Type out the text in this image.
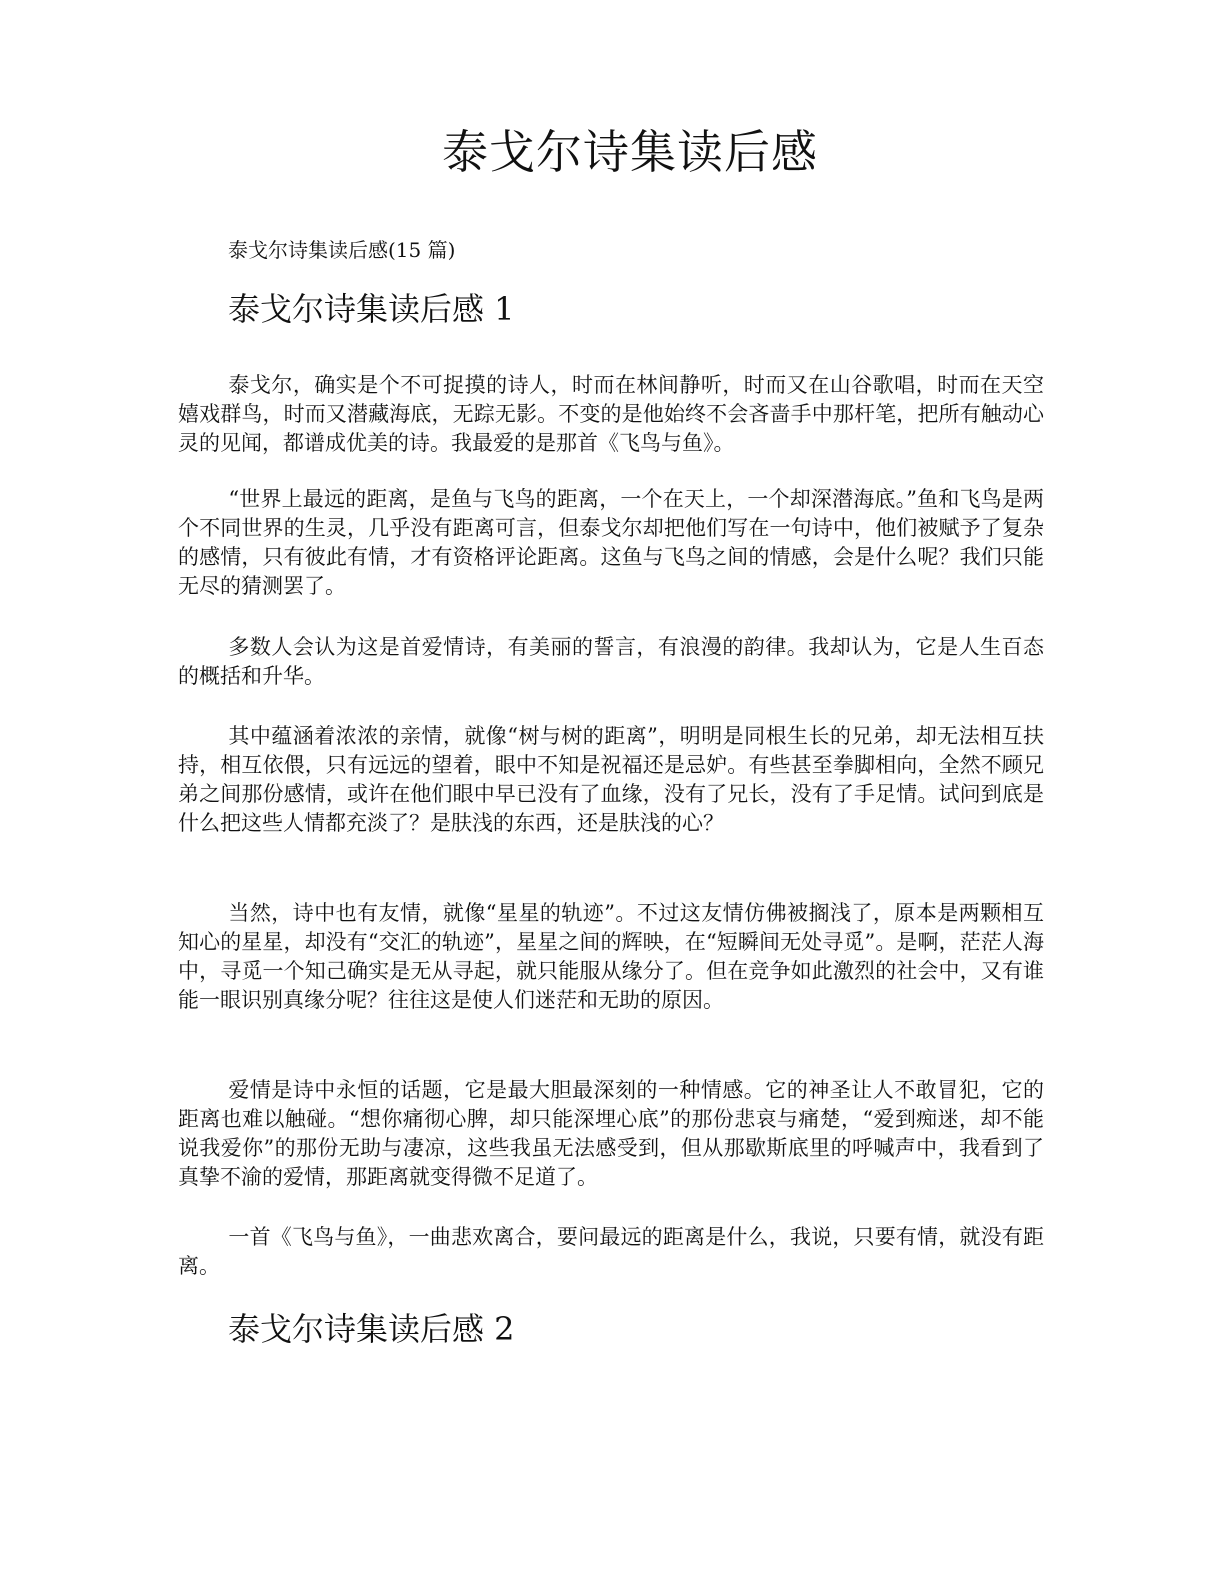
泰戈尔诗集读后感

泰戈尔诗集读后感(15 篇)

泰戈尔诗集读后感 1

泰戈尔，确实是个不可捉摸的诗人，时而在林间静听，时而又在山谷歌唱，时而在天空嬉戏群鸟，时而又潜藏海底，无踪无影。不变的是他始终不会吝啬手中那杆笔，把所有触动心灵的见闻，都谱成优美的诗。我最爱的是那首《飞鸟与鱼》。

“世界上最远的距离，是鱼与飞鸟的距离，一个在天上，一个却深潜海底。”鱼和飞鸟是两个不同世界的生灵，几乎没有距离可言，但泰戈尔却把他们写在一句诗中，他们被赋予了复杂的感情，只有彼此有情，才有资格评论距离。这鱼与飞鸟之间的情感，会是什么呢？我们只能无尽的猜测罢了。

多数人会认为这是首爱情诗，有美丽的誓言，有浪漫的韵律。我却认为，它是人生百态的概括和升华。

其中蕴涵着浓浓的亲情，就像“树与树的距离”，明明是同根生长的兄弟，却无法相互扶持，相互依偎，只有远远的望着，眼中不知是祝福还是忌妒。有些甚至拳脚相向，全然不顾兄弟之间那份感情，或许在他们眼中早已没有了血缘，没有了兄长，没有了手足情。试问到底是什么把这些人情都充淡了？是肤浅的东西，还是肤浅的心？

当然，诗中也有友情，就像“星星的轨迹”。不过这友情仿佛被搁浅了，原本是两颗相互知心的星星，却没有“交汇的轨迹”，星星之间的辉映，在“短瞬间无处寻觅”。是啊，茫茫人海中，寻觅一个知己确实是无从寻起，就只能服从缘分了。但在竞争如此激烈的社会中，又有谁能一眼识别真缘分呢？往往这是使人们迷茫和无助的原因。

爱情是诗中永恒的话题，它是最大胆最深刻的一种情感。它的神圣让人不敢冒犯，它的距离也难以触碰。“想你痛彻心脾，却只能深埋心底”的那份悲哀与痛楚，“爱到痴迷，却不能说我爱你”的那份无助与凄凉，这些我虽无法感受到，但从那歇斯底里的呼喊声中，我看到了真挚不渝的爱情，那距离就变得微不足道了。

一首《飞鸟与鱼》，一曲悲欢离合，要问最远的距离是什么，我说，只要有情，就没有距离。

泰戈尔诗集读后感 2
